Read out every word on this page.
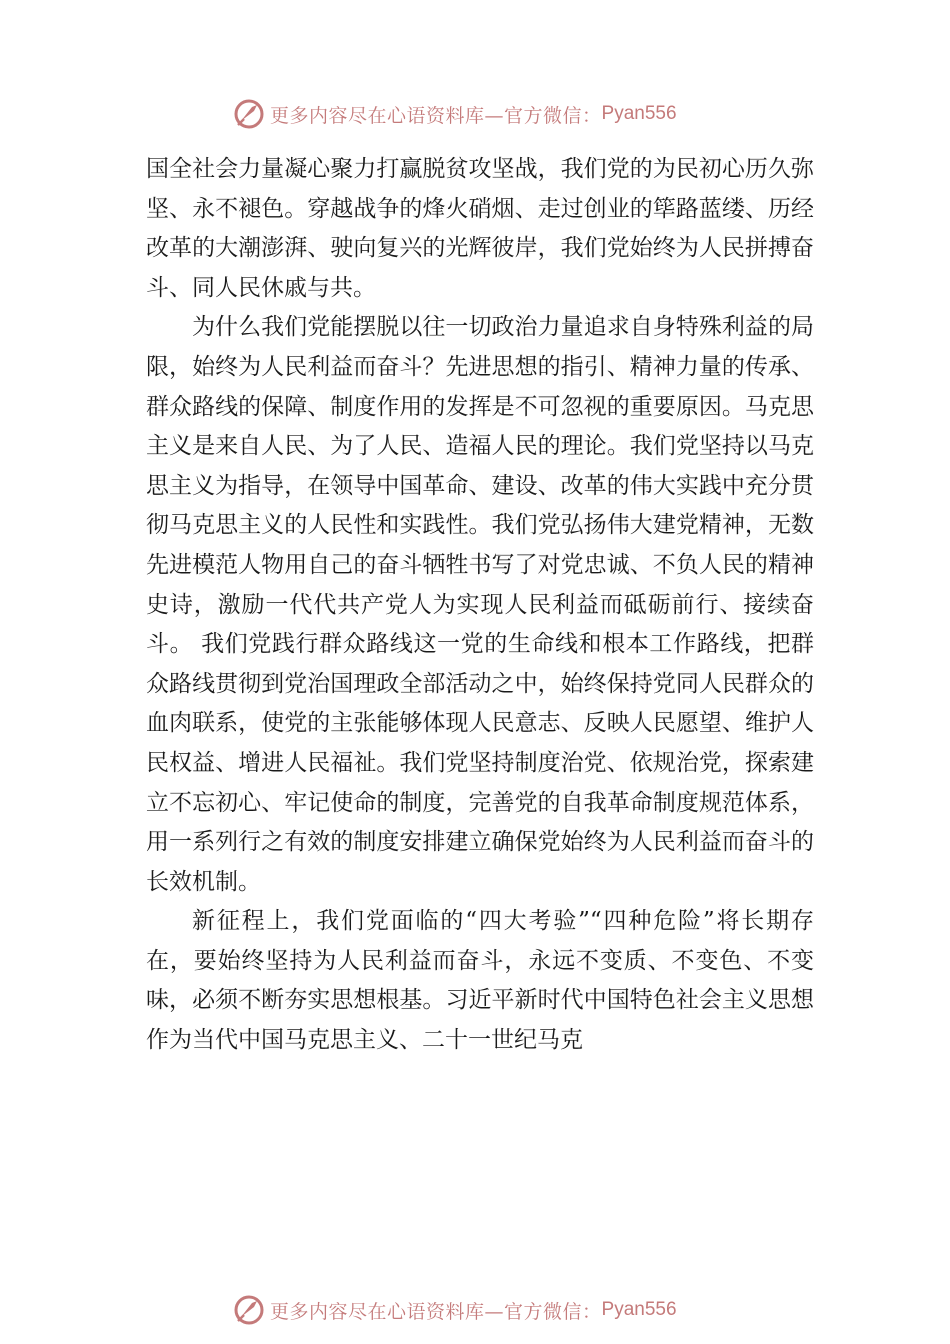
更多内容尽在心语资料库—官方微信： Pyan556

国全社会力量凝心聚力打赢脱贫攻坚战，我们党的为民初心历久弥坚、永不褪色。穿越战争的烽火硝烟、走过创业的筚路蓝缕、历经改革的大潮澎湃、驶向复兴的光辉彼岸，我们党始终为人民拼搏奋斗、同人民休戚与共。

为什么我们党能摆脱以往一切政治力量追求自身特殊利益的局限，始终为人民利益而奋斗？先进思想的指引、精神力量的传承、群众路线的保障、制度作用的发挥是不可忽视的重要原因。马克思主义是来自人民、为了人民、造福人民的理论。我们党坚持以马克思主义为指导，在领导中国革命、建设、改革的伟大实践中充分贯彻马克思主义的人民性和实践性。我们党弘扬伟大建党精神，无数先进模范人物用自己的奋斗牺牲书写了对党忠诚、不负人民的精神史诗，激励一代代共产党人为实现人民利益而砥砺前行、接续奋斗。 我们党践行群众路线这一党的生命线和根本工作路线，把群众路线贯彻到党治国理政全部活动之中，始终保持党同人民群众的血肉联系，使党的主张能够体现人民意志、反映人民愿望、维护人民权益、增进人民福祉。我们党坚持制度治党、依规治党，探索建立不忘初心、牢记使命的制度，完善党的自我革命制度规范体系，用一系列行之有效的制度安排建立确保党始终为人民利益而奋斗的长效机制。

新征程上，我们党面临的“四大考验”“四种危险”将长期存在，要始终坚持为人民利益而奋斗，永远不变质、不变色、不变味，必须不断夯实思想根基。习近平新时代中国特色社会主义思想作为当代中国马克思主义、二十一世纪马克

更多内容尽在心语资料库—官方微信： Pyan556
